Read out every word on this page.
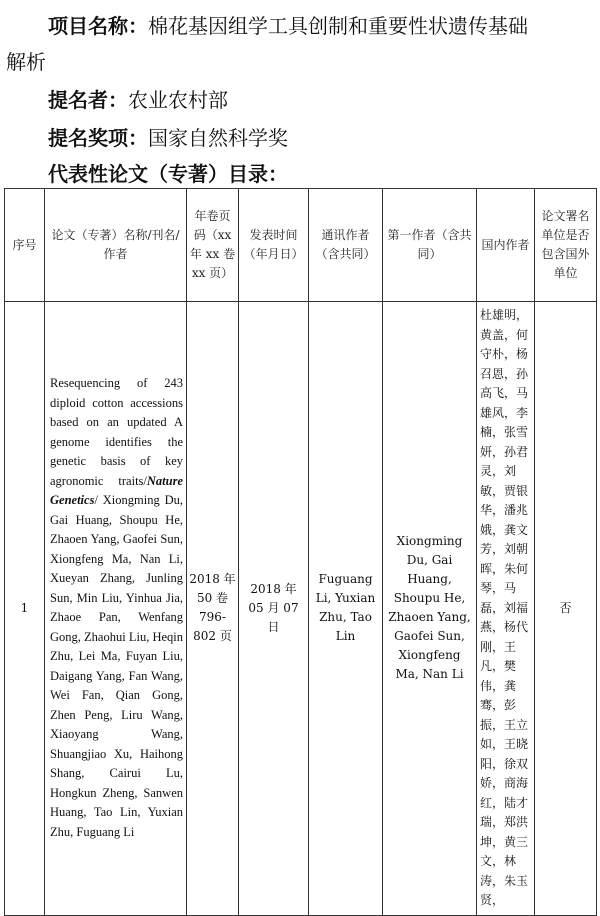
项目名称：棉花基因组学工具创制和重要性状遗传基础
解析
提名者：农业农村部
提名奖项：国家自然科学奖
代表性论文（专著）目录：
序号	论文（专著）名称/刊名/作者	年卷页码（xx 年 xx 卷 xx 页）	发表时间（年月日）	通讯作者（含共同）	第一作者（含共同）	国内作者	论文署名单位是否包含国外单位
1	Resequencing of 243 diploid cotton accessions based on an updated A genome identifies the genetic basis of key agronomic traits/Nature Genetics/ Xiongming Du, Gai Huang, Shoupu He, Zhaoen Yang, Gaofei Sun, Xiongfeng Ma, Nan Li, Xueyan Zhang, Junling Sun, Min Liu, Yinhua Jia, Zhaoe Pan, Wenfang Gong, Zhaohui Liu, Heqin Zhu, Lei Ma, Fuyan Liu, Daigang Yang, Fan Wang, Wei Fan, Qian Gong, Zhen Peng, Liru Wang, Xiaoyang Wang, Shuangjiao Xu, Haihong Shang, Cairui Lu, Hongkun Zheng, Sanwen Huang, Tao Lin, Yuxian Zhu, Fuguang Li	2018 年 50 卷 796-802 页	2018 年 05 月 07 日	Fuguang Li, Yuxian Zhu, Tao Lin	Xiongming Du, Gai Huang, Shoupu He, Zhaoen Yang, Gaofei Sun, Xiongfeng Ma, Nan Li	杜雄明，黄盖，何守朴，杨召恩，孙高飞，马雄风，李楠，张雪妍，孙君灵，刘敏，贾银华，潘兆娥，龚文芳，刘朝晖，朱何琴，马磊，刘福燕，杨代刚，王凡，樊伟，龚骞，彭振，王立如，王晓阳，徐双娇，商海红，陆才瑞，郑洪坤，黄三文，林涛，朱玉贤，	否
